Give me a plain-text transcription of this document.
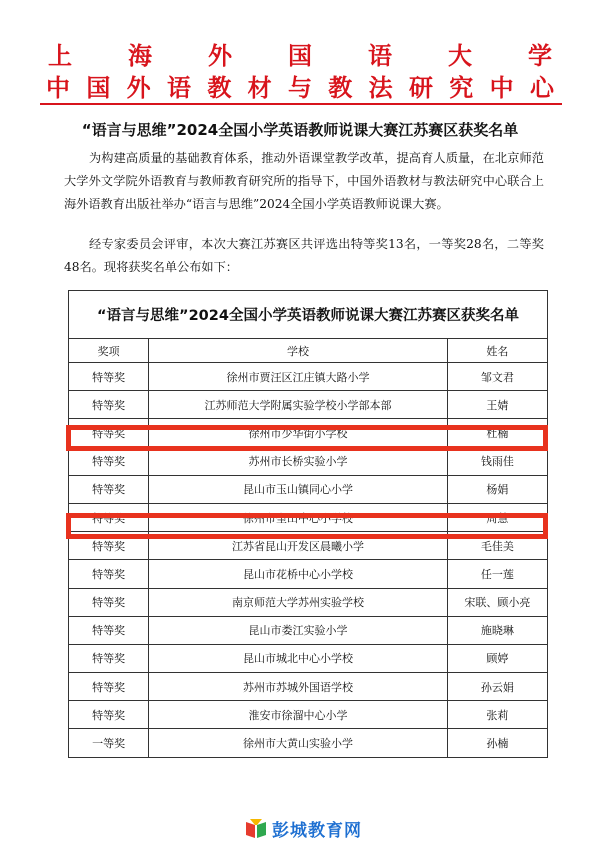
上 海 外 国 语 大 学
中 国 外 语 教 材 与 教 法 研 究 中 心
“语言与思维”2024全国小学英语教师说课大赛江苏赛区获奖名单
为构建高质量的基础教育体系，推动外语课堂教学改革，提高育人质量，在北京师范大学外文学院外语教育与教师教育研究所的指导下，中国外语教材与教法研究中心联合上海外语教育出版社举办“语言与思维”2024全国小学英语教师说课大赛。
经专家委员会评审，本次大赛江苏赛区共评选出特等奖13名，一等奖28名，二等奖48名。现将获奖名单公布如下：
“语言与思维”2024全国小学英语教师说课大赛江苏赛区获奖名单		
奖项	学校	姓名
特等奖	徐州市贾汪区江庄镇大路小学	邹文君
特等奖	江苏师范大学附属实验学校小学部本部	王婧
特等奖	徐州市少华街小学校	杜楠
特等奖	苏州市长桥实验小学	钱雨佳
特等奖	昆山市玉山镇同心小学	杨娟
特等奖	徐州市奎山中心小学校	周慧
特等奖	江苏省昆山开发区晨曦小学	毛佳美
特等奖	昆山市花桥中心小学校	任一莲
特等奖	南京师范大学苏州实验学校	宋联、顾小亮
特等奖	昆山市娄江实验小学	施晓琳
特等奖	昆山市城北中心小学校	顾婷
特等奖	苏州市苏城外国语学校	孙云娟
特等奖	淮安市徐溜中心小学	张莉
一等奖	徐州市大黄山实验小学	孙楠
彭城教育网
